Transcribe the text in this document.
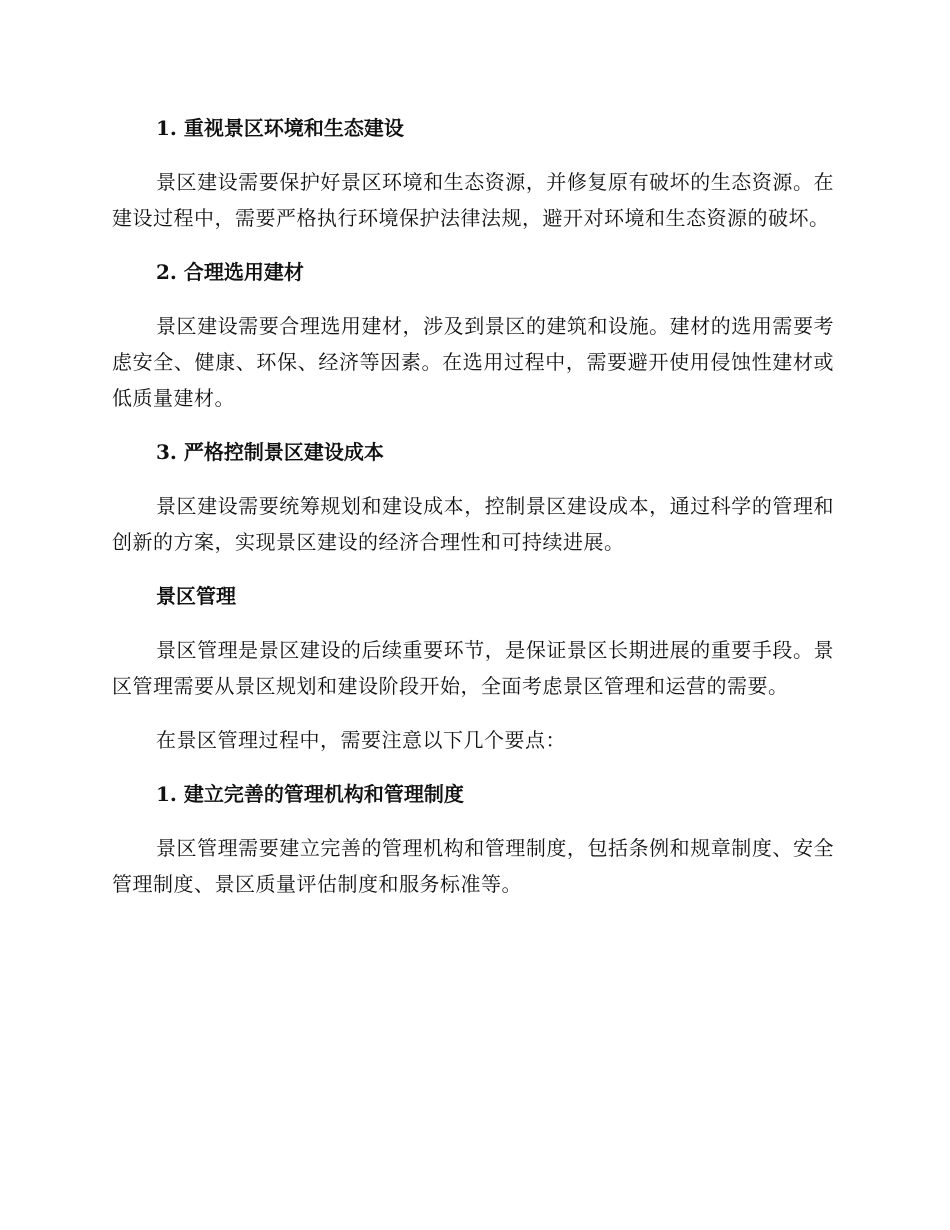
1. 重视景区环境和生态建设

景区建设需要保护好景区环境和生态资源，并修复原有破坏的生态资源。在建设过程中，需要严格执行环境保护法律法规，避开对环境和生态资源的破坏。

2. 合理选用建材

景区建设需要合理选用建材，涉及到景区的建筑和设施。建材的选用需要考虑安全、健康、环保、经济等因素。在选用过程中，需要避开使用侵蚀性建材或低质量建材。

3. 严格控制景区建设成本

景区建设需要统筹规划和建设成本，控制景区建设成本，通过科学的管理和创新的方案，实现景区建设的经济合理性和可持续进展。

景区管理

景区管理是景区建设的后续重要环节，是保证景区长期进展的重要手段。景区管理需要从景区规划和建设阶段开始，全面考虑景区管理和运营的需要。

在景区管理过程中，需要注意以下几个要点：

1. 建立完善的管理机构和管理制度

景区管理需要建立完善的管理机构和管理制度，包括条例和规章制度、安全管理制度、景区质量评估制度和服务标准等。
